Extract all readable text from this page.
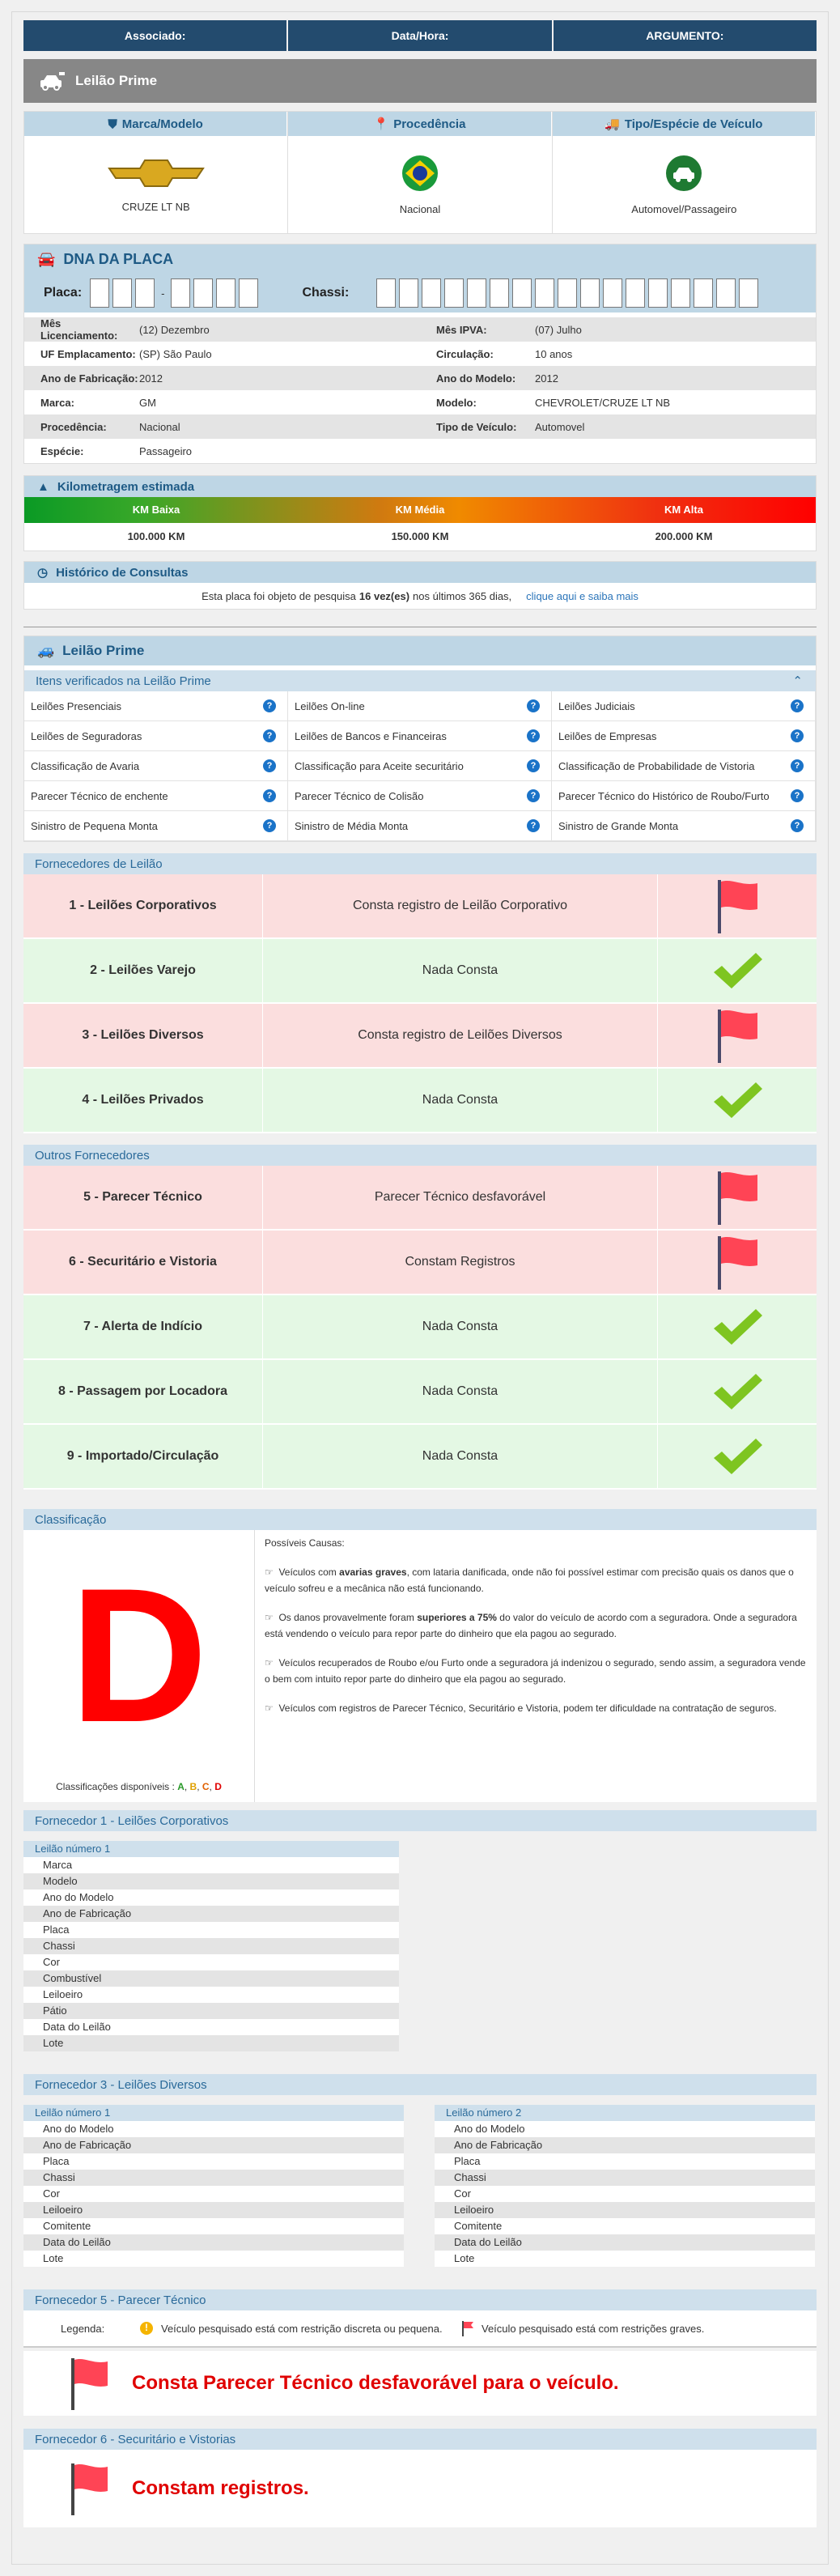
Associado:	Data/Hora:	ARGUMENTO:
Leilão Prime
⛊ Marca/Modelo
CRUZE LT NB
📍 Procedência
Nacional
🚚 Tipo/Espécie de Veículo
Automovel/Passageiro
🚘 DNA DA PLACA
Placa:	-	Chassi:
Mês Licenciamento:	(12) Dezembro	Mês IPVA:	(07) Julho
UF Emplacamento: (SP) São Paulo	Circulação:	10 anos
Ano de Fabricação: 2012	Ano do Modelo:	2012
Marca:	GM	Modelo:	CHEVROLET/CRUZE LT NB
Procedência:	Nacional	Tipo de Veículo:	Automovel
Espécie:	Passageiro
▲ Kilometragem estimada
KM Baixa	KM Média	KM Alta
100.000 KM	150.000 KM	200.000 KM
◷ Histórico de Consultas
Esta placa foi objeto de pesquisa 16 vez(es) nos últimos 365 dias, clique aqui e saiba mais
🚙 Leilão Prime
Itens verificados na Leilão Prime	⌃
Leilões Presenciais	?	Leilões On-line	?	Leilões Judiciais	?
Leilões de Seguradoras	?	Leilões de Bancos e Financeiras	?	Leilões de Empresas	?
Classificação de Avaria	?	Classificação para Aceite securitário	?	Classificação de Probabilidade de Vistoria	?
Parecer Técnico de enchente	?	Parecer Técnico de Colisão	?	Parecer Técnico do Histórico de Roubo/Furto	?
Sinistro de Pequena Monta	?	Sinistro de Média Monta	?	Sinistro de Grande Monta	?
Fornecedores de Leilão
1 - Leilões Corporativos	Consta registro de Leilão Corporativo
2 - Leilões Varejo	Nada Consta
3 - Leilões Diversos	Consta registro de Leilões Diversos
4 - Leilões Privados	Nada Consta
Outros Fornecedores
5 - Parecer Técnico	Parecer Técnico desfavorável
6 - Securitário e Vistoria	Constam Registros
7 - Alerta de Indício	Nada Consta
8 - Passagem por Locadora	Nada Consta
9 - Importado/Circulação	Nada Consta
Classificação
D
Classificações disponíveis : A, B, C, D

Possíveis Causas:

☞ Veículos com avarias graves, com lataria danificada, onde não foi possível estimar com precisão quais os danos que o veículo sofreu e a mecânica não está funcionando.

☞ Os danos provavelmente foram superiores a 75% do valor do veículo de acordo com a seguradora. Onde a seguradora está vendendo o veículo para repor parte do dinheiro que ela pagou ao segurado.

☞ Veículos recuperados de Roubo e/ou Furto onde a seguradora já indenizou o segurado, sendo assim, a seguradora vende o bem com intuito repor parte do dinheiro que ela pagou ao segurado.

☞ Veículos com registros de Parecer Técnico, Securitário e Vistoria, podem ter dificuldade na contratação de seguros.

Fornecedor 1 - Leilões Corporativos
Leilão número 1
Marca
Modelo
Ano do Modelo
Ano de Fabricação
Placa
Chassi
Cor
Combustível
Leiloeiro
Pátio
Data do Leilão
Lote
Fornecedor 3 - Leilões Diversos
Leilão número 1
Ano do Modelo
Ano de Fabricação
Placa
Chassi
Cor
Leiloeiro
Comitente
Data do Leilão
Lote
Leilão número 2
Ano do Modelo
Ano de Fabricação
Placa
Chassi
Cor
Leiloeiro
Comitente
Data do Leilão
Lote
Fornecedor 5 - Parecer Técnico
Legenda:	!	Veículo pesquisado está com restrição discreta ou pequena.	Veículo pesquisado está com restrições graves.
Consta Parecer Técnico desfavorável para o veículo.
Fornecedor 6 - Securitário e Vistorias
Constam registros.
